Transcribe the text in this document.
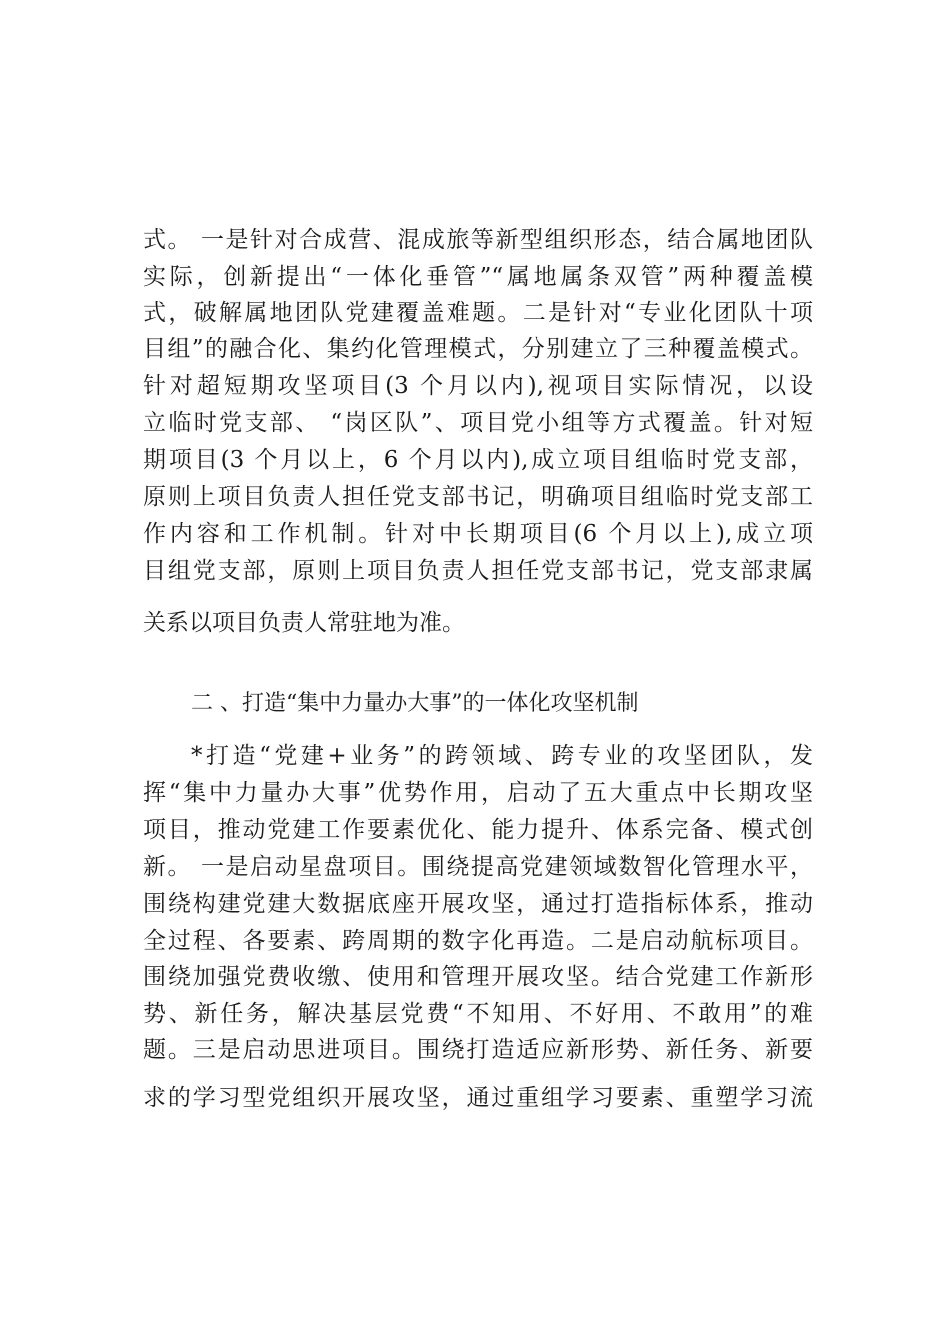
式。 一是针对合成营、混成旅等新型组织形态，结合属地团队
实际，创新提出“一体化垂管”“属地属条双管”两种覆盖模
式，破解属地团队党建覆盖难题。二是针对“专业化团队十项
目组”的融合化、集约化管理模式，分别建立了三种覆盖模式。
针对超短期攻坚项目(3 个月以内),视项目实际情况，以设
立临时党支部、 “岗区队”、项目党小组等方式覆盖。针对短
期项目(3 个月以上，6 个月以内),成立项目组临时党支部，
原则上项目负责人担任党支部书记，明确项目组临时党支部工
作内容和工作机制。针对中长期项目(6 个月以上),成立项
目组党支部，原则上项目负责人担任党支部书记，党支部隶属
关系以项目负责人常驻地为准。
二 、打造“集中力量办大事”的一体化攻坚机制
*打造“党建+业务”的跨领域、跨专业的攻坚团队，发
挥“集中力量办大事”优势作用，启动了五大重点中长期攻坚
项目，推动党建工作要素优化、能力提升、体系完备、模式创
新。 一是启动星盘项目。围绕提高党建领域数智化管理水平，
围绕构建党建大数据底座开展攻坚，通过打造指标体系，推动
全过程、各要素、跨周期的数字化再造。二是启动航标项目。
围绕加强党费收缴、使用和管理开展攻坚。结合党建工作新形
势、新任务，解决基层党费“不知用、不好用、不敢用”的难
题。三是启动思进项目。围绕打造适应新形势、新任务、新要
求的学习型党组织开展攻坚，通过重组学习要素、重塑学习流
